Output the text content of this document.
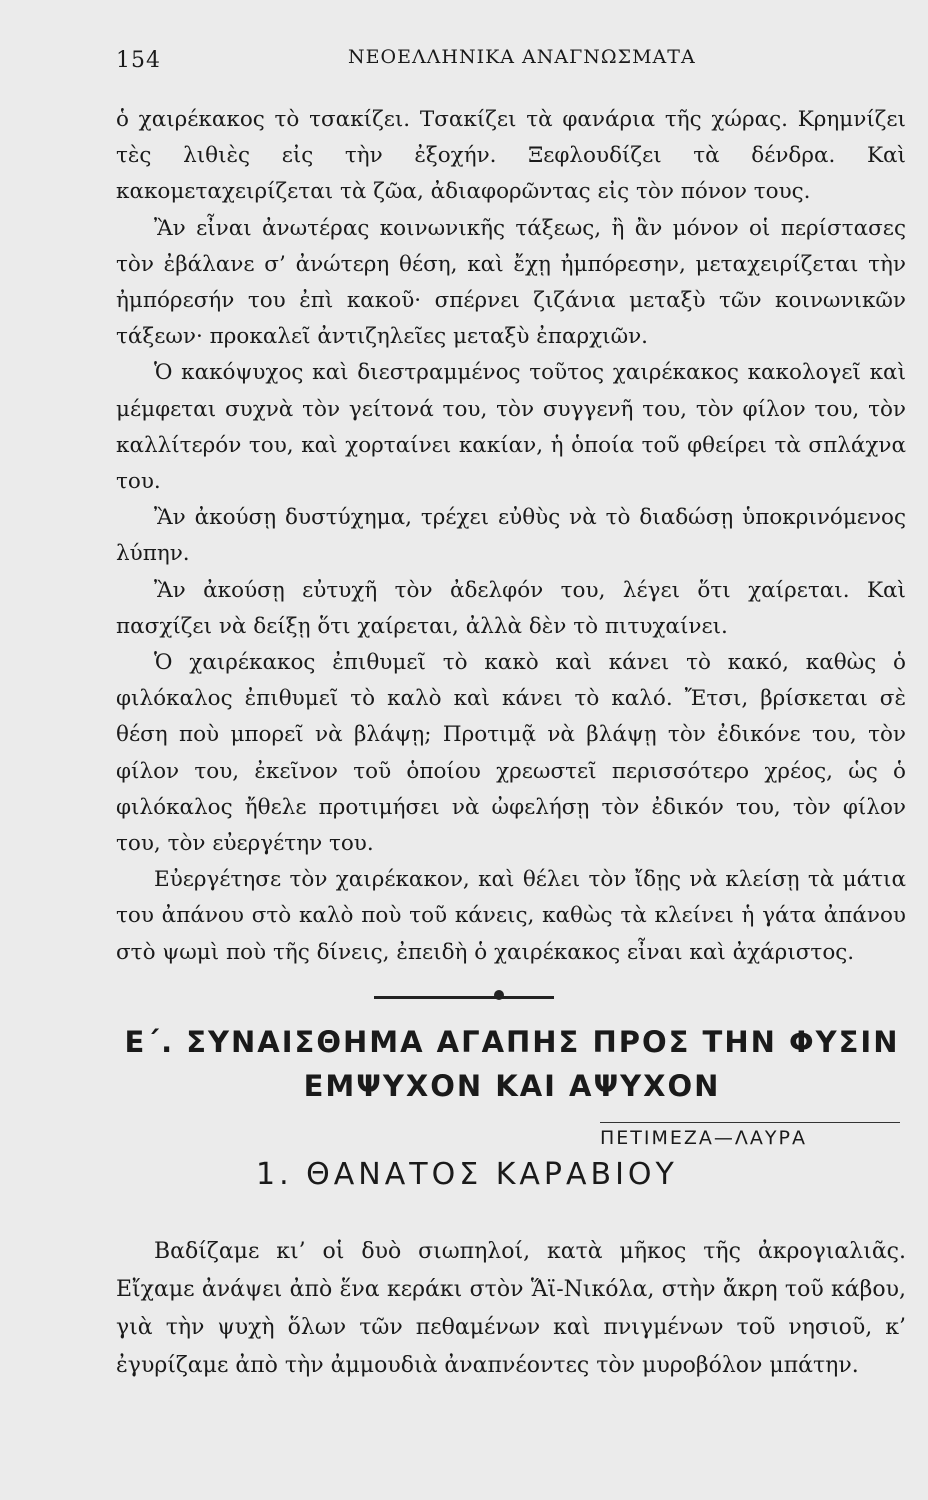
154	ΝΕΟΕΛΛΗΝΙΚΑ ΑΝΑΓΝΩΣΜΑΤΑ

ὁ χαιρέκακος τὸ τσακίζει. Τσακίζει τὰ φανάρια τῆς χώρας. Κρημνίζει τὲς λιθιὲς εἰς τὴν ἐξοχήν. Ξεφλουδίζει τὰ δένδρα. Καὶ κακομεταχειρίζεται τὰ ζῶα, ἀδιαφορῶντας εἰς τὸν πόνον τους.

Ἂν εἶναι ἀνωτέρας κοινωνικῆς τάξεως, ἢ ἂν μόνον οἱ περίστασες τὸν ἐβάλανε σ’ ἀνώτερη θέση, καὶ ἔχῃ ἠμπόρεσην, μεταχειρίζεται τὴν ἠμπόρεσήν του ἐπὶ κακοῦ· σπέρνει ζιζάνια μεταξὺ τῶν κοινωνικῶν τάξεων· προκαλεῖ ἀντιζηλεῖες μεταξὺ ἐπαρχιῶν.

Ὁ κακόψυχος καὶ διεστραμμένος τοῦτος χαιρέκακος κακολογεῖ καὶ μέμφεται συχνὰ τὸν γείτονά του, τὸν συγγενῆ του, τὸν φίλον του, τὸν καλλίτερόν του, καὶ χορταίνει κακίαν, ἡ ὁποία τοῦ φθείρει τὰ σπλάχνα του.

Ἂν ἀκούσῃ δυστύχημα, τρέχει εὐθὺς νὰ τὸ διαδώσῃ ὑποκρινόμενος λύπην.

Ἂν ἀκούσῃ εὐτυχῆ τὸν ἀδελφόν του, λέγει ὅτι χαίρεται. Καὶ πασχίζει νὰ δείξῃ ὅτι χαίρεται, ἀλλὰ δὲν τὸ πιτυχαίνει.

Ὁ χαιρέκακος ἐπιθυμεῖ τὸ κακὸ καὶ κάνει τὸ κακό, καθὼς ὁ φιλόκαλος ἐπιθυμεῖ τὸ καλὸ καὶ κάνει τὸ καλό. Ἔτσι, βρίσκεται σὲ θέση ποὺ μπορεῖ νὰ βλάψῃ; Προτιμᾷ νὰ βλάψῃ τὸν ἐδικόνε του, τὸν φίλον του, ἐκεῖνον τοῦ ὁποίου χρεωστεῖ περισσότερο χρέος, ὡς ὁ φιλόκαλος ἤθελε προτιμήσει νὰ ὠφελήσῃ τὸν ἐδικόν του, τὸν φίλον του, τὸν εὐεργέτην του.

Εὐεργέτησε τὸν χαιρέκακον, καὶ θέλει τὸν ἴδῃς νὰ κλείσῃ τὰ μάτια του ἀπάνου στὸ καλὸ ποὺ τοῦ κάνεις, καθὼς τὰ κλείνει ἡ γάτα ἀπάνου στὸ ψωμὶ ποὺ τῆς δίνεις, ἐπειδὴ ὁ χαιρέκακος εἶναι καὶ ἀχάριστος.

Ε΄. ΣΥΝΑΙΣΘΗΜΑ ΑΓΑΠΗΣ ΠΡΟΣ ΤΗΝ ΦΥΣΙΝ
ΕΜΨΥΧΟΝ ΚΑΙ ΑΨΥΧΟΝ
ΠΕΤΙΜΕΖΑ—ΛΑΥΡΑ
1. ΘΑΝΑΤΟΣ ΚΑΡΑΒΙΟΥ

Βαδίζαμε κι’ οἱ δυὸ σιωπηλοί, κατὰ μῆκος τῆς ἀκρογιαλιᾶς. Εἴχαμε ἀνάψει ἀπὸ ἕνα κεράκι στὸν Ἅϊ-Νικόλα, στὴν ἄκρη τοῦ κάβου, γιὰ τὴν ψυχὴ ὅλων τῶν πεθαμένων καὶ πνιγμένων τοῦ νησιοῦ, κ’ ἐγυρίζαμε ἀπὸ τὴν ἀμμουδιὰ ἀναπνέοντες τὸν μυροβόλον μπάτην.
